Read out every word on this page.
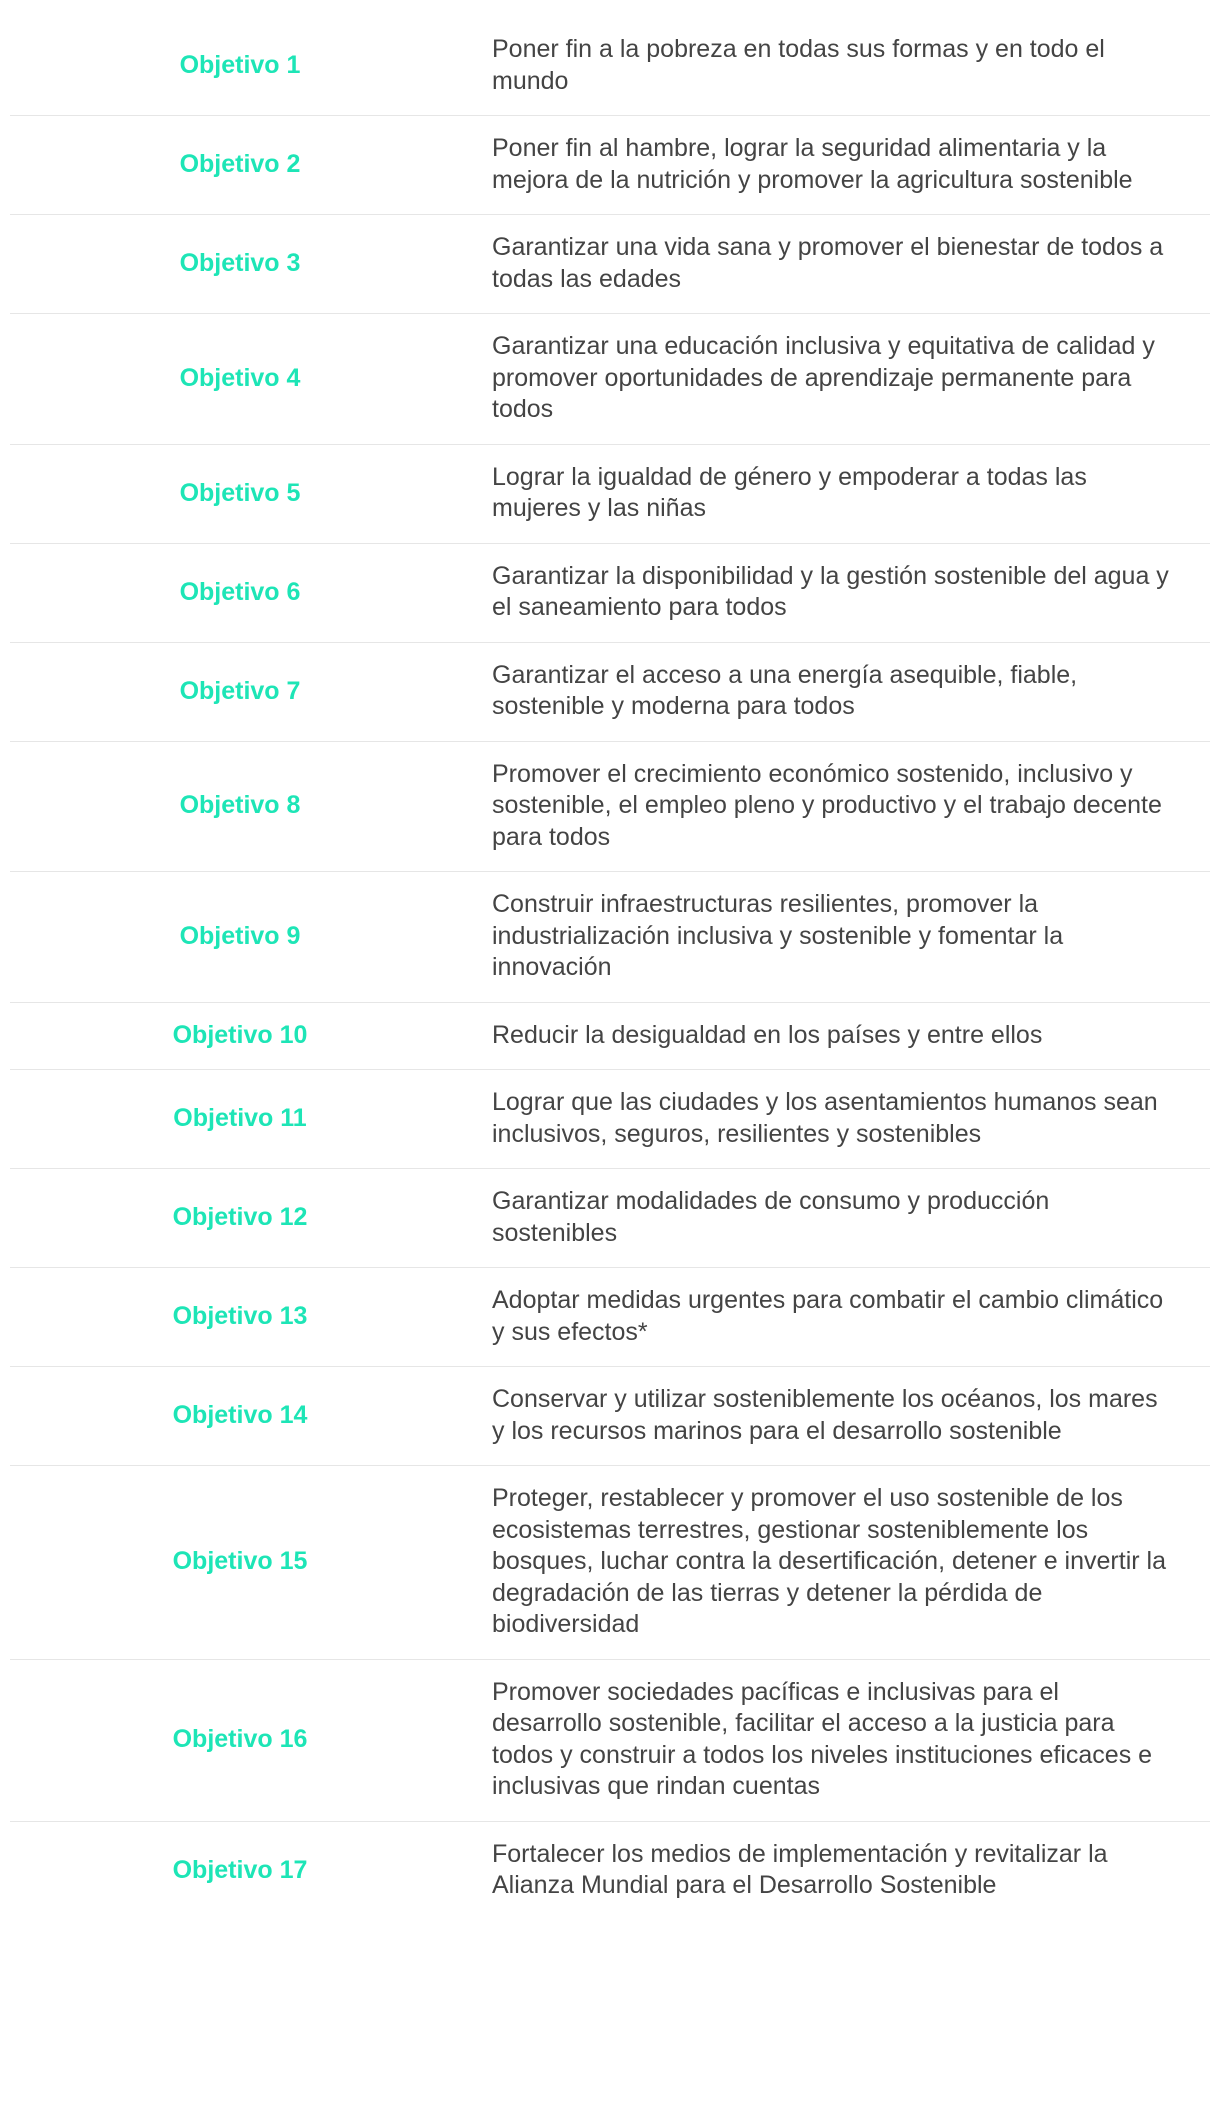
Objetivo 1
Poner fin a la pobreza en todas sus formas y en todo el mundo
Objetivo 2
Poner fin al hambre, lograr la seguridad alimentaria y la mejora de la nutrición y promover la agricultura sostenible
Objetivo 3
Garantizar una vida sana y promover el bienestar de todos a todas las edades
Objetivo 4
Garantizar una educación inclusiva y equitativa de calidad y promover oportunidades de aprendizaje permanente para todos
Objetivo 5
Lograr la igualdad de género y empoderar a todas las mujeres y las niñas
Objetivo 6
Garantizar la disponibilidad y la gestión sostenible del agua y el saneamiento para todos
Objetivo 7
Garantizar el acceso a una energía asequible, fiable, sostenible y moderna para todos
Objetivo 8
Promover el crecimiento económico sostenido, inclusivo y sostenible, el empleo pleno y productivo y el trabajo decente para todos
Objetivo 9
Construir infraestructuras resilientes, promover la industrialización inclusiva y sostenible y fomentar la innovación
Objetivo 10	Reducir la desigualdad en los países y entre ellos
Objetivo 11
Lograr que las ciudades y los asentamientos humanos sean inclusivos, seguros, resilientes y sostenibles
Objetivo 12
Garantizar modalidades de consumo y producción sostenibles
Objetivo 13
Adoptar medidas urgentes para combatir el cambio climático y sus efectos*
Objetivo 14
Conservar y utilizar sosteniblemente los océanos, los mares y los recursos marinos para el desarrollo sostenible
Objetivo 15
Proteger, restablecer y promover el uso sostenible de los ecosistemas terrestres, gestionar sosteniblemente los bosques, luchar contra la desertificación, detener e invertir la degradación de las tierras y detener la pérdida de biodiversidad
Objetivo 16
Promover sociedades pacíficas e inclusivas para el desarrollo sostenible, facilitar el acceso a la justicia para todos y construir a todos los niveles instituciones eficaces e inclusivas que rindan cuentas
Objetivo 17
Fortalecer los medios de implementación y revitalizar la Alianza Mundial para el Desarrollo Sostenible
